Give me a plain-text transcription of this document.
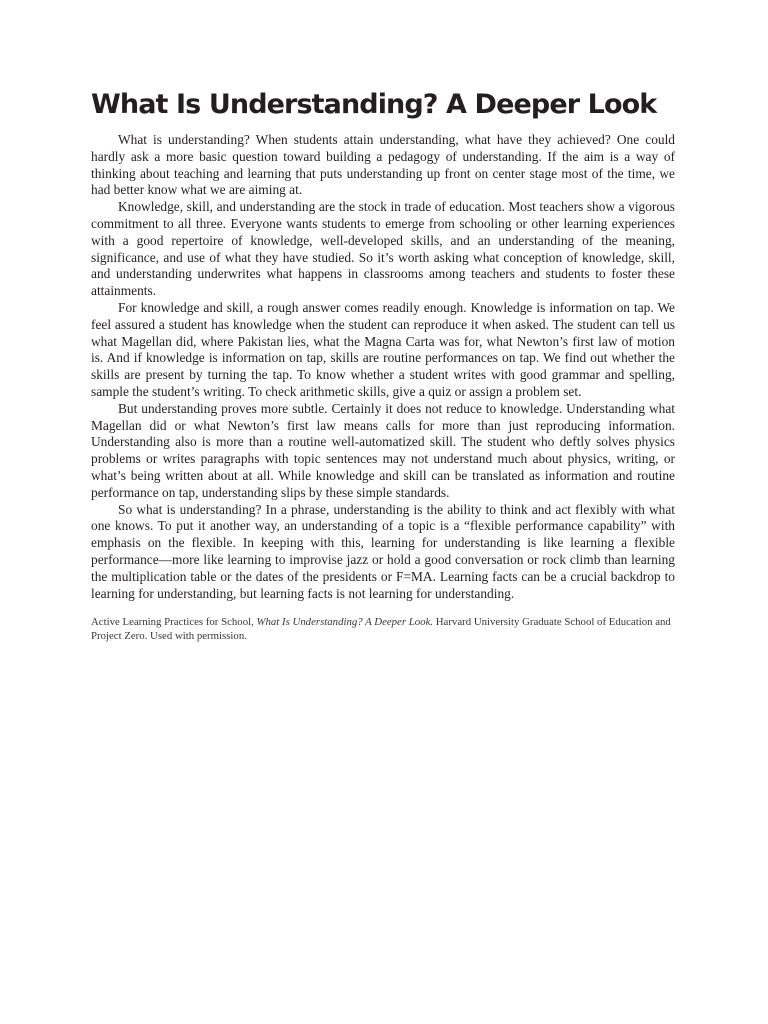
What Is Understanding? A Deeper Look

What is understanding? When students attain understanding, what have they achieved? One could hardly ask a more basic question toward building a pedagogy of understanding. If the aim is a way of thinking about teaching and learning that puts understanding up front on center stage most of the time, we had better know what we are aiming at.

Knowledge, skill, and understanding are the stock in trade of education. Most teachers show a vigorous commitment to all three. Everyone wants students to emerge from schooling or other learning experiences with a good repertoire of knowledge, well-developed skills, and an understanding of the meaning, significance, and use of what they have studied. So it’s worth asking what conception of knowledge, skill, and understanding underwrites what happens in classrooms among teachers and students to foster these attainments.

For knowledge and skill, a rough answer comes readily enough. Knowledge is information on tap. We feel assured a student has knowledge when the student can reproduce it when asked. The student can tell us what Magellan did, where Pakistan lies, what the Magna Carta was for, what Newton’s first law of motion is. And if knowledge is information on tap, skills are routine performances on tap. We find out whether the skills are present by turning the tap. To know whether a student writes with good grammar and spelling, sample the student’s writing. To check arithmetic skills, give a quiz or assign a problem set.

But understanding proves more subtle. Certainly it does not reduce to knowledge. Understanding what Magellan did or what Newton’s first law means calls for more than just reproducing information. Understanding also is more than a routine well-automatized skill. The student who deftly solves physics problems or writes paragraphs with topic sentences may not understand much about physics, writing, or what’s being written about at all. While knowledge and skill can be translated as information and routine performance on tap, understanding slips by these simple standards.

So what is understanding? In a phrase, understanding is the ability to think and act flexibly with what one knows. To put it another way, an understanding of a topic is a “flexible performance capability” with emphasis on the flexible. In keeping with this, learning for understanding is like learning a flexible performance—more like learning to improvise jazz or hold a good conversation or rock climb than learning the multiplication table or the dates of the presidents or F=MA. Learning facts can be a crucial backdrop to learning for understanding, but learning facts is not learning for understanding.

Active Learning Practices for School, What Is Understanding? A Deeper Look. Harvard University Graduate School of Education and Project Zero. Used with permission.
